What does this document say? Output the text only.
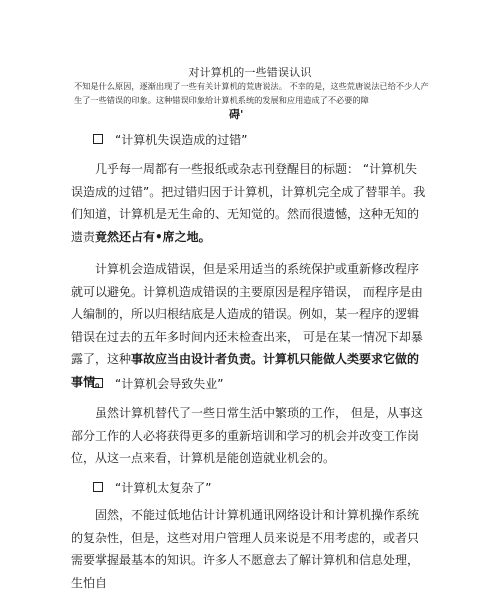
对计算机的一些错误认识
不知是什么原因，逐渐出现了一些有关计算机的荒唐说法。 不幸的是，这些荒唐说法已给不少人产生了一些错误的印象。这种错误印象给计算机系统的发展和应用造成了不必要的障
碍'
“计算机失误造成的过错”
几乎每一周都有一些报纸或杂志刊登醒目的标题： “计算机失误造成的过错”。把过错归因于计算机，计算机完全成了替罪羊。我们知道，计算机是无生命的、无知觉的。然而很遗憾，这种无知的遗责竟然还占有•席之地。
计算机会造成错误，但是采用适当的系统保护或重新修改程序就可以避免。计算机造成错误的主要原因是程序错误， 而程序是由人编制的，所以归根结底是人造成的错误。例如，某一程序的逻辑错误在过去的五年多时间内还未检查出来， 可是在某一情况下却暴露了，这种事故应当由设计者负责。计算机只能做人类要求它做的事情。 “计算机会导致失业”
虽然计算机替代了一些日常生活中繁琐的工作， 但是，从事这部分工作的人必将获得更多的重新培训和学习的机会并改变工作岗位，从这一点来看，计算机是能创造就业机会的。
“计算机太复杂了”
固然，不能过低地估计计算机通讯网络设计和计算机操作系统的复杂性，但是，这些对用户管理人员来说是不用考虑的，或者只需要掌握最基本的知识。许多人不愿意去了解计算机和信息处理，生怕自
